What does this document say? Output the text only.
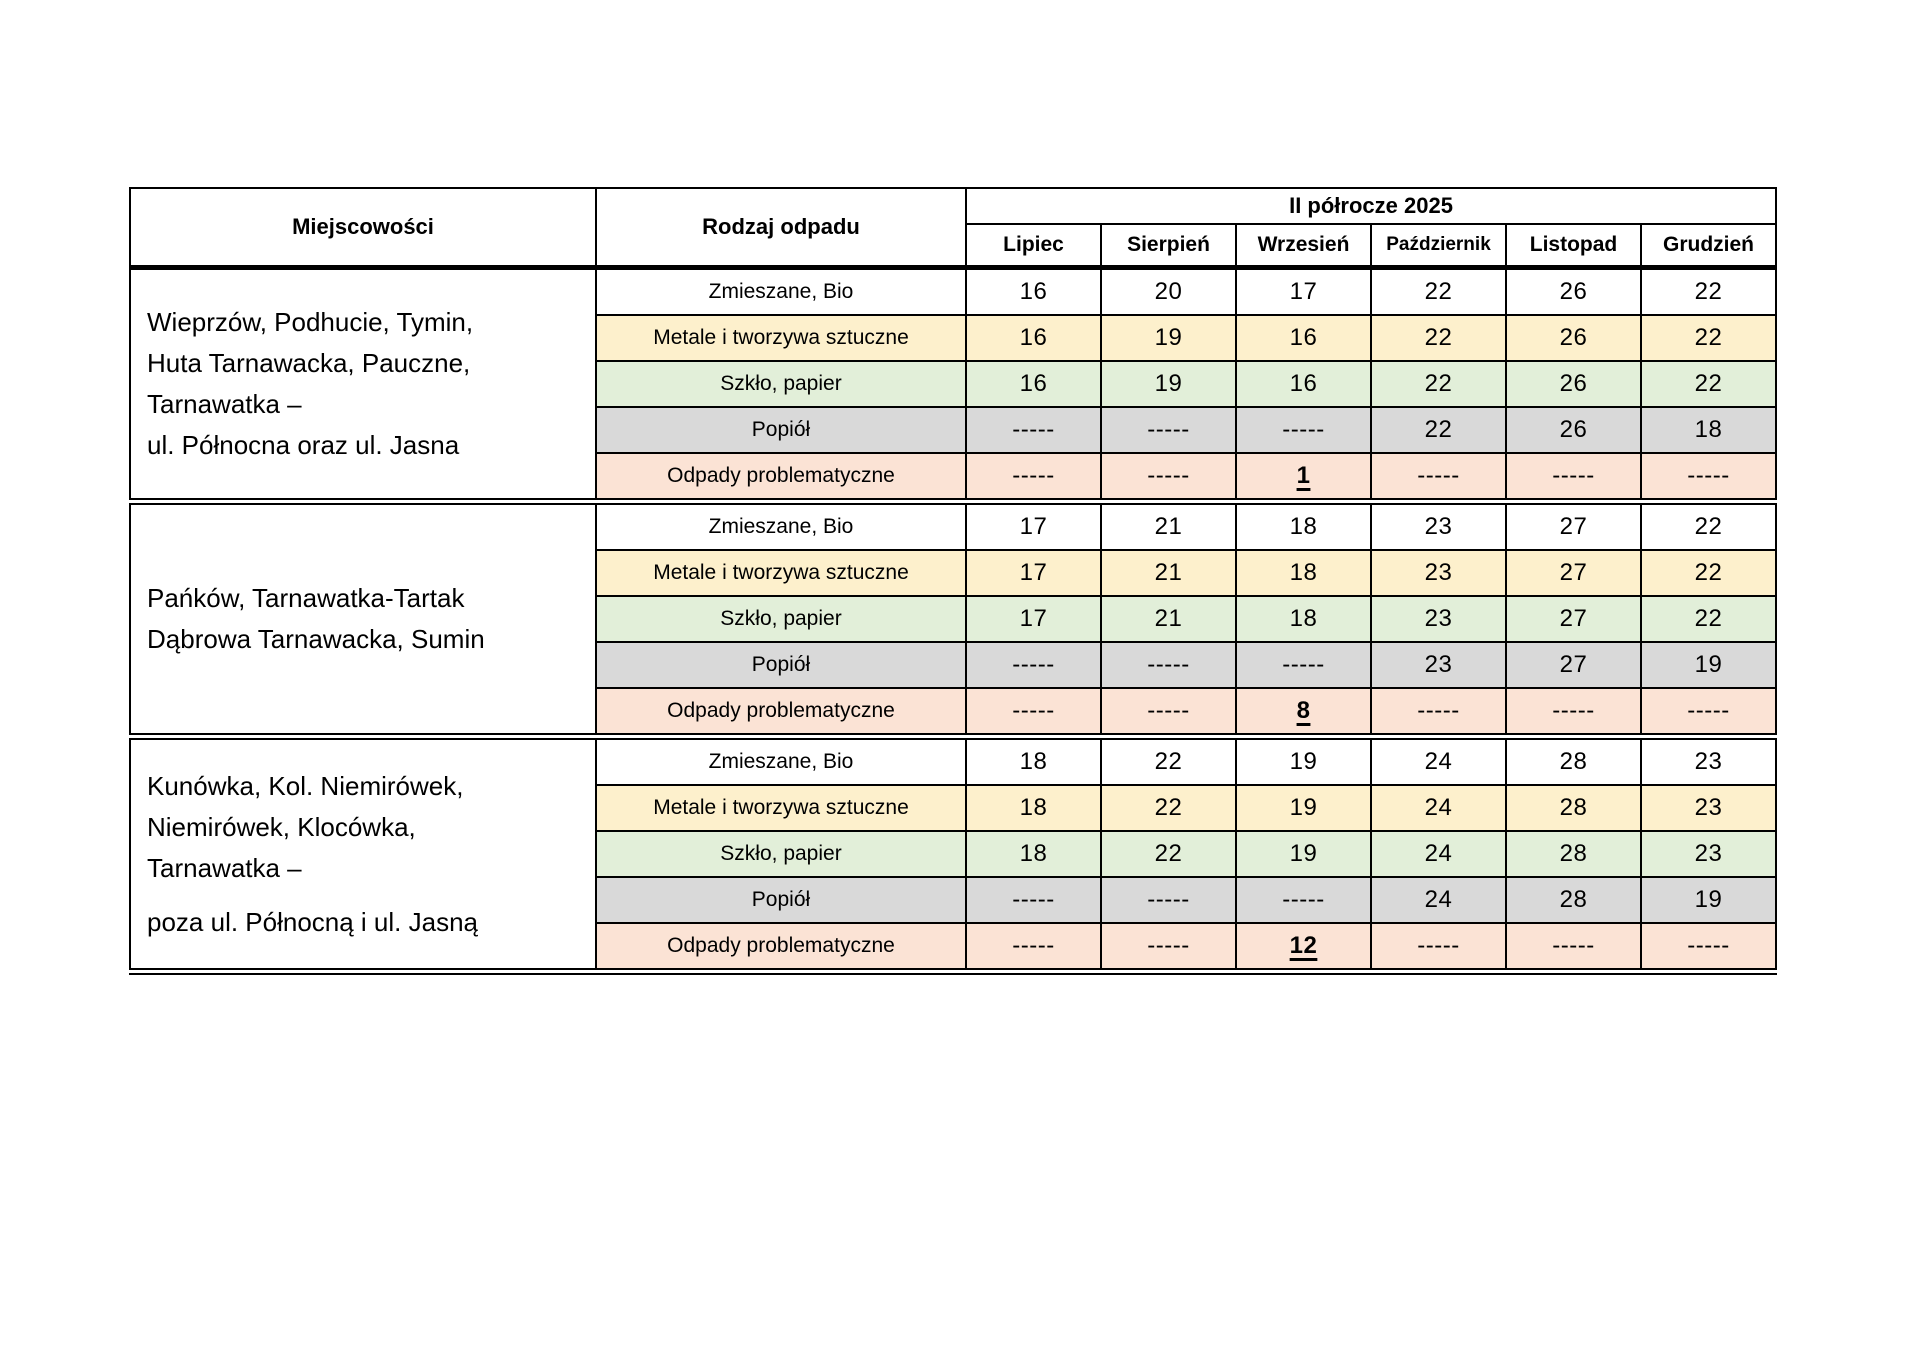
Miejscowości	Rodzaj odpadu	II półrocze 2025					
		Lipiec	Sierpień	Wrzesień	Październik	Listopad	Grudzień

Wieprzów, Podhucie, Tymin,
Huta Tarnawacka, Pauczne,
Tarnawatka –
ul. Północna oraz ul. Jasna	Zmieszane, Bio	16	20	17	22	26	22
	Metale i tworzywa sztuczne	16	19	16	22	26	22
	Szkło, papier	16	19	16	22	26	22
	Popiół	-----	-----	-----	22	26	18
	Odpady problematyczne	-----	-----	1	-----	-----	-----

Pańków, Tarnawatka-Tartak
Dąbrowa Tarnawacka, Sumin	Zmieszane, Bio	17	21	18	23	27	22
	Metale i tworzywa sztuczne	17	21	18	23	27	22
	Szkło, papier	17	21	18	23	27	22
	Popiół	-----	-----	-----	23	27	19
	Odpady problematyczne	-----	-----	8	-----	-----	-----

Kunówka, Kol. Niemirówek,
Niemirówek, Klocówka,
Tarnawatka –
poza ul. Północną i ul. Jasną	Zmieszane, Bio	18	22	19	24	28	23
	Metale i tworzywa sztuczne	18	22	19	24	28	23
	Szkło, papier	18	22	19	24	28	23
	Popiół	-----	-----	-----	24	28	19
	Odpady problematyczne	-----	-----	12	-----	-----	-----
